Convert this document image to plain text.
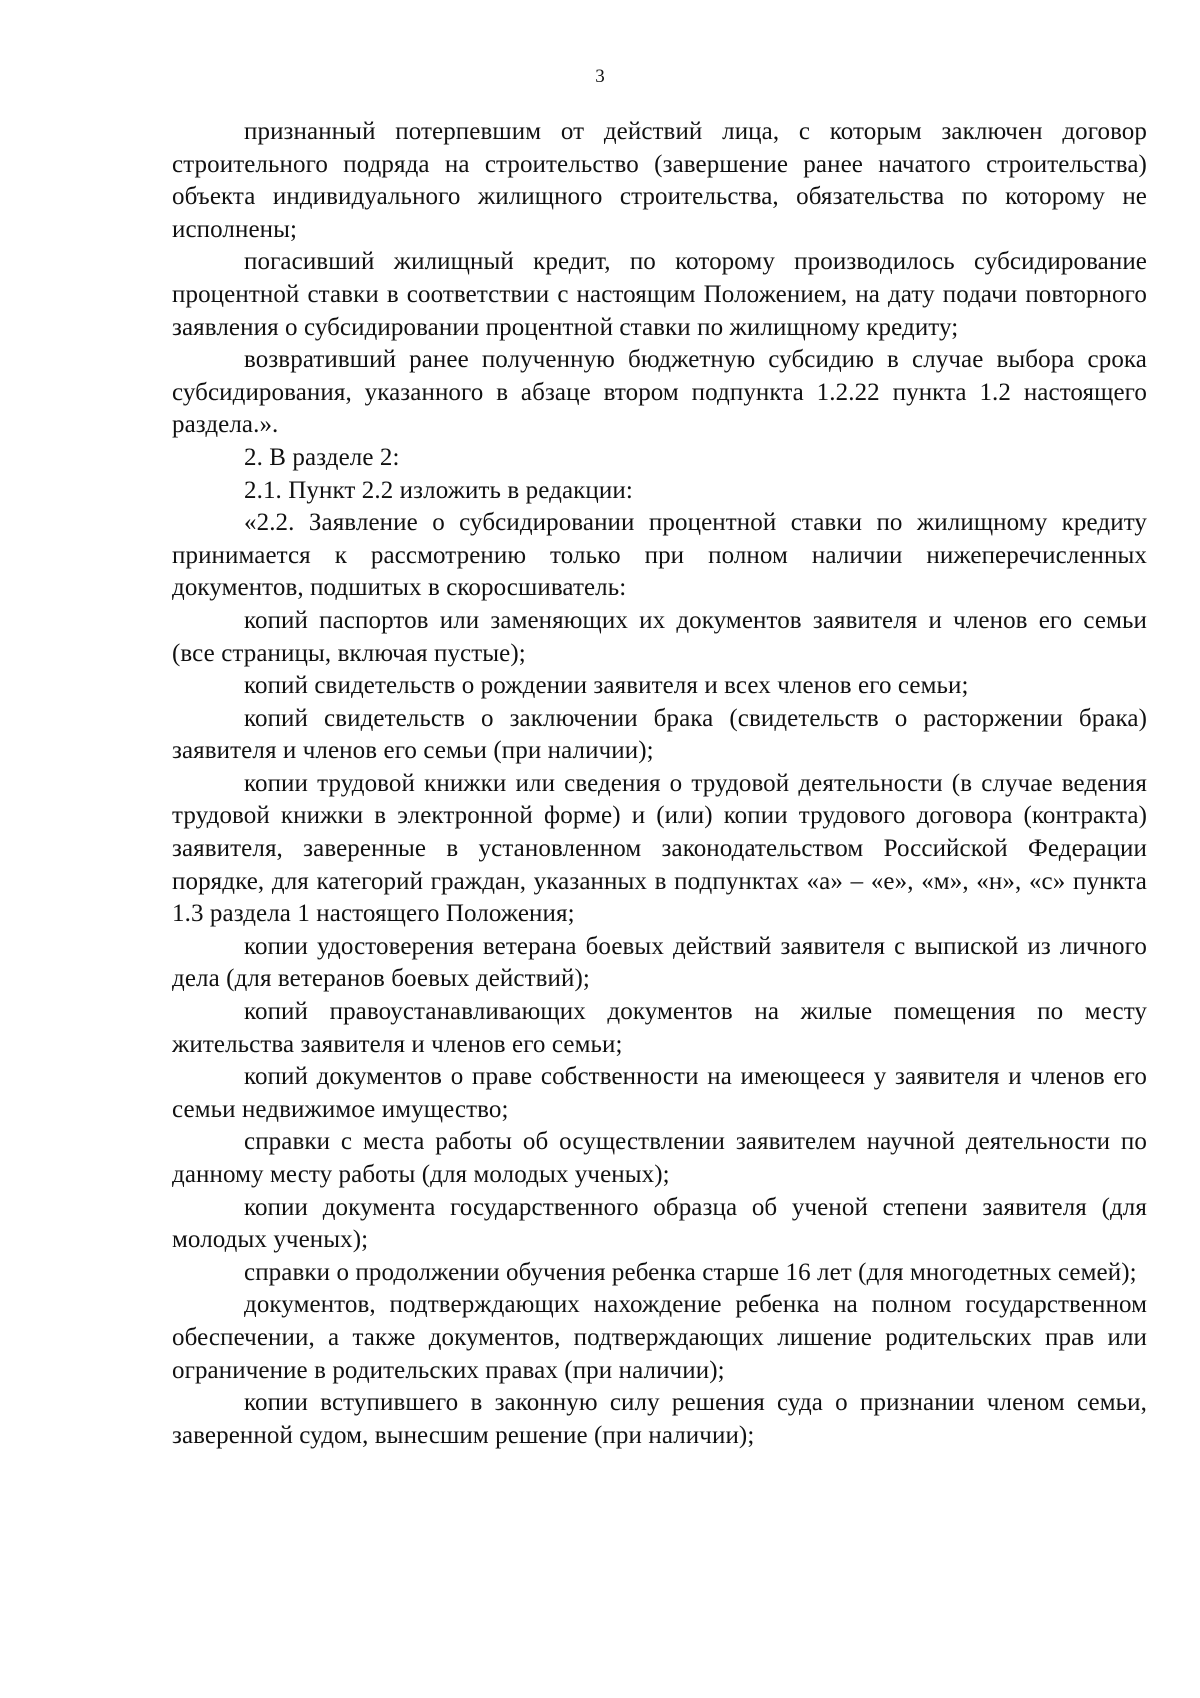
3

признанный потерпевшим от действий лица, с которым заключен договор строительного подряда на строительство (завершение ранее начатого строительства) объекта индивидуального жилищного строительства, обязательства по которому не исполнены;

погасивший жилищный кредит, по которому производилось субсидирование процентной ставки в соответствии с настоящим Положением, на дату подачи повторного заявления о субсидировании процентной ставки по жилищному кредиту;

возвративший ранее полученную бюджетную субсидию в случае выбора срока субсидирования, указанного в абзаце втором подпункта 1.2.22 пункта 1.2 настоящего раздела.».

2. В разделе 2:

2.1. Пункт 2.2 изложить в редакции:

«2.2. Заявление о субсидировании процентной ставки по жилищному кредиту принимается к рассмотрению только при полном наличии нижеперечисленных документов, подшитых в скоросшиватель:

копий паспортов или заменяющих их документов заявителя и членов его семьи (все страницы, включая пустые);

копий свидетельств о рождении заявителя и всех членов его семьи;

копий свидетельств о заключении брака (свидетельств о расторжении брака) заявителя и членов его семьи (при наличии);

копии трудовой книжки или сведения о трудовой деятельности (в случае ведения трудовой книжки в электронной форме) и (или) копии трудового договора (контракта) заявителя, заверенные в установленном законодательством Российской Федерации порядке, для категорий граждан, указанных в подпунктах «а» – «е», «м», «н», «с» пункта 1.3 раздела 1 настоящего Положения;

копии удостоверения ветерана боевых действий заявителя с выпиской из личного дела (для ветеранов боевых действий);

копий правоустанавливающих документов на жилые помещения по месту жительства заявителя и членов его семьи;

копий документов о праве собственности на имеющееся у заявителя и членов его семьи недвижимое имущество;

справки с места работы об осуществлении заявителем научной деятельности по данному месту работы (для молодых ученых);

копии документа государственного образца об ученой степени заявителя (для молодых ученых);

справки о продолжении обучения ребенка старше 16 лет (для многодетных семей);

документов, подтверждающих нахождение ребенка на полном государственном обеспечении, а также документов, подтверждающих лишение родительских прав или ограничение в родительских правах (при наличии);

копии вступившего в законную силу решения суда о признании членом семьи, заверенной судом, вынесшим решение (при наличии);
